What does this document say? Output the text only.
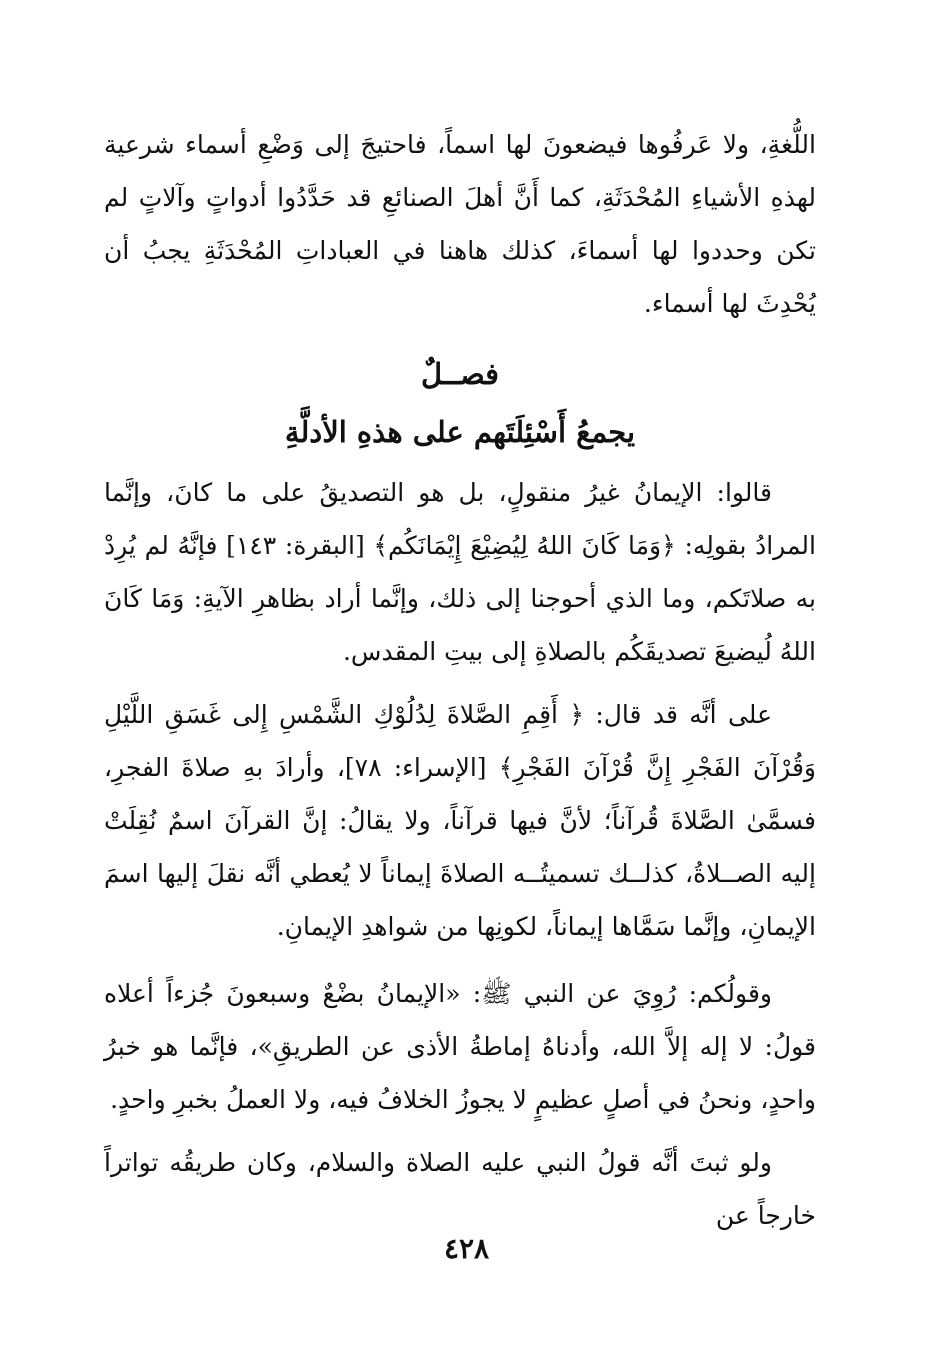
اللُّغةِ، ولا عَرفُوها فيضعونَ لها اسماً، فاحتيجَ إلى وَضْعِ أسماء شرعية لهذهِ الأشياءِ المُحْدَثَةِ، كما أَنَّ أهلَ الصنائعِ قد حَدَّدُوا أدواتٍ وآلاتٍ لم تكن وحددوا لها أسماءَ، كذلك هاهنا في العباداتِ المُحْدَثَةِ يجبُ أن يُحْدِثَ لها أسماء.

فصــلٌ
يجمعُ أَسْئِلَتَهم على هذهِ الأدلَّةِ

قالوا: الإيمانُ غيرُ منقولٍ، بل هو التصديقُ على ما كانَ، وإنَّما المرادُ بقولِه: ﴿وَمَا كَانَ اللهُ لِيُضِيْعَ إِيْمَانَكُم﴾ [البقرة: ١٤٣] فإنَّهُ لم يُرِدْ به صلاتَكم، وما الذي أحوجنا إلى ذلك، وإنَّما أراد بظاهرِ الآيةِ: وَمَا كَانَ اللهُ لُيضيعَ تصديقَكُم بالصلاةِ إلى بيتِ المقدس.

على أنَّه قد قال: ﴿ أَقِمِ الصَّلاةَ لِدُلُوْكِ الشَّمْسِ إِلى غَسَقِ اللَّيْلِ وَقُرْآنَ الفَجْرِ إِنَّ قُرْآنَ الفَجْرِ﴾ [الإسراء: ٧٨]، وأرادَ بهِ صلاةَ الفجرِ، فسمَّىٰ الصَّلاةَ قُرآناً؛ لأنَّ فيها قرآناً، ولا يقالُ: إنَّ القرآنَ اسمٌ نُقِلَتْ إليه الصــلاةُ، كذلــك تسميتُــه الصلاةَ إيماناً لا يُعطي أنَّه نقلَ إليها اسمَ الإيمانِ، وإنَّما سَمَّاها إيماناً، لكونِها من شواهدِ الإيمانِ.

وقولُكم: رُوِيَ عن النبي ﷺ: «الإيمانُ بضْعٌ وسبعونَ جُزءاً أعلاه قولُ: لا إله إلاَّ الله، وأدناهُ إماطةُ الأذى عن الطريقِ»، فإنَّما هو خبرُ واحدٍ، ونحنُ في أصلٍ عظيمٍ لا يجوزُ الخلافُ فيه، ولا العملُ بخبرِ واحدٍ.

ولو ثبتَ أنَّه قولُ النبي عليه الصلاة والسلام، وكان طريقُه تواتراً خارجاً عن

٤٢٨
